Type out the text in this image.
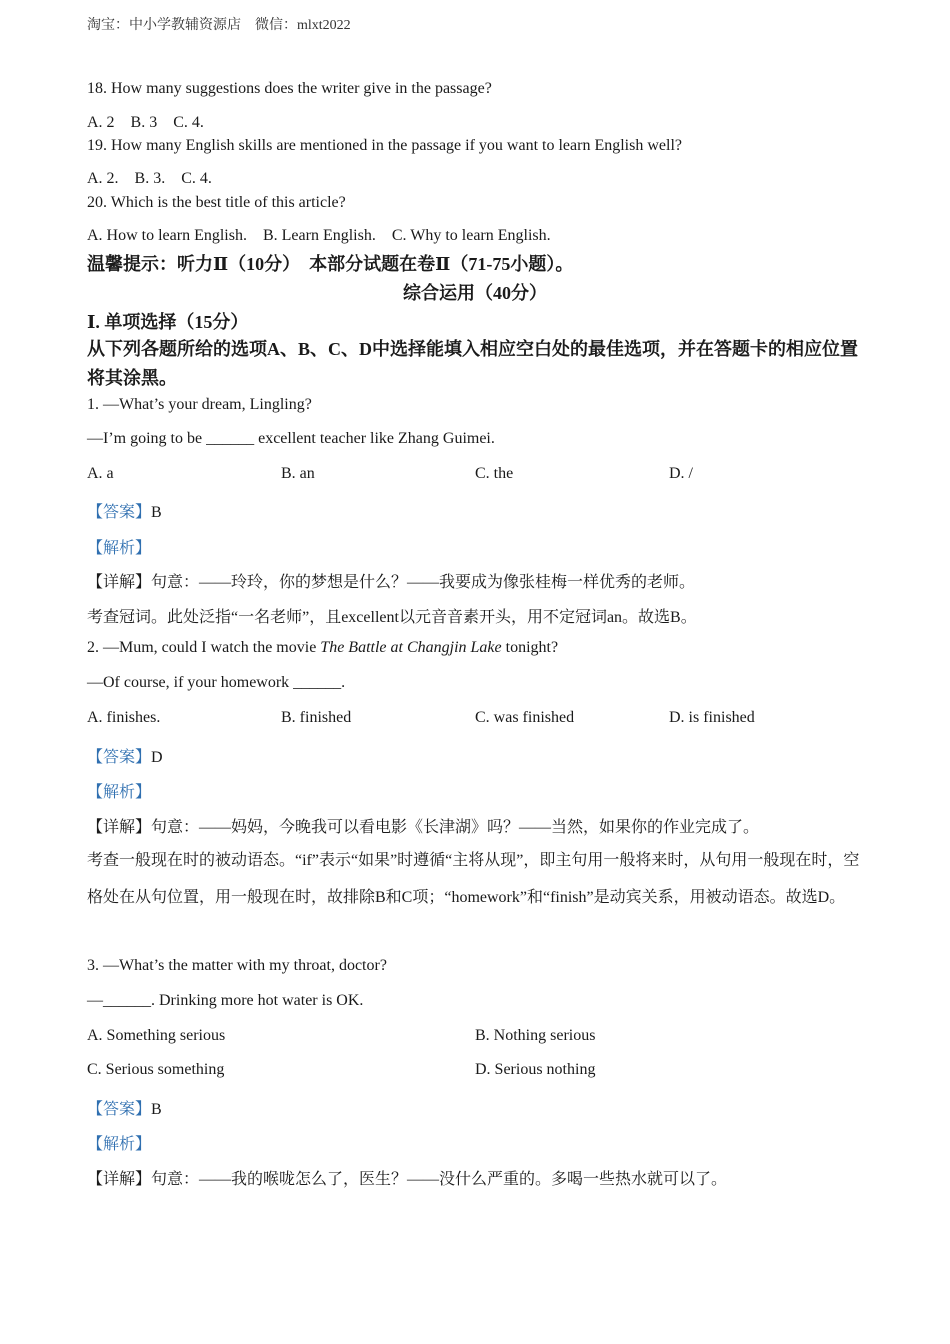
淘宝：中小学教辅资源店　微信：mlxt2022
18. How many suggestions does the writer give in the passage?
A. 2　B. 3　C. 4.
19. How many English skills are mentioned in the passage if you want to learn English well?
A. 2.　B. 3.　C. 4.
20. Which is the best title of this article?
A. How to learn English.　B. Learn English.　C. Why to learn English.
温馨提示：听力Ⅱ（10分）　本部分试题在卷Ⅱ（71-75小题）。
综合运用（40分）
Ⅰ. 单项选择（15分）
从下列各题所给的选项A、B、C、D中选择能填入相应空白处的最佳选项，并在答题卡的相应位置将其涂黑。
1. —What’s your dream, Lingling?
—I’m going to be ______ excellent teacher like Zhang Guimei.
A. a	B. an	C. the	D. /
【答案】B
【解析】
【详解】句意：——玲玲，你的梦想是什么？——我要成为像张桂梅一样优秀的老师。
考查冠词。此处泛指“一名老师”，且excellent以元音音素开头，用不定冠词an。故选B。
2. —Mum, could I watch the movie The Battle at Changjin Lake tonight?
—Of course, if your homework ______.
A. finishes.	B. finished	C. was finished	D. is finished
【答案】D
【解析】
【详解】句意：——妈妈，今晚我可以看电影《长津湖》吗？——当然，如果你的作业完成了。
考查一般现在时的被动语态。“if”表示“如果”时遵循“主将从现”，即主句用一般将来时，从句用一般现在时，空格处在从句位置，用一般现在时，故排除B和C项；“homework”和“finish”是动宾关系，用被动语态。故选D。
3. —What’s the matter with my throat, doctor?
—______. Drinking more hot water is OK.
A. Something serious	B. Nothing serious
C. Serious something	D. Serious nothing
【答案】B
【解析】
【详解】句意：——我的喉咙怎么了，医生？——没什么严重的。多喝一些热水就可以了。
